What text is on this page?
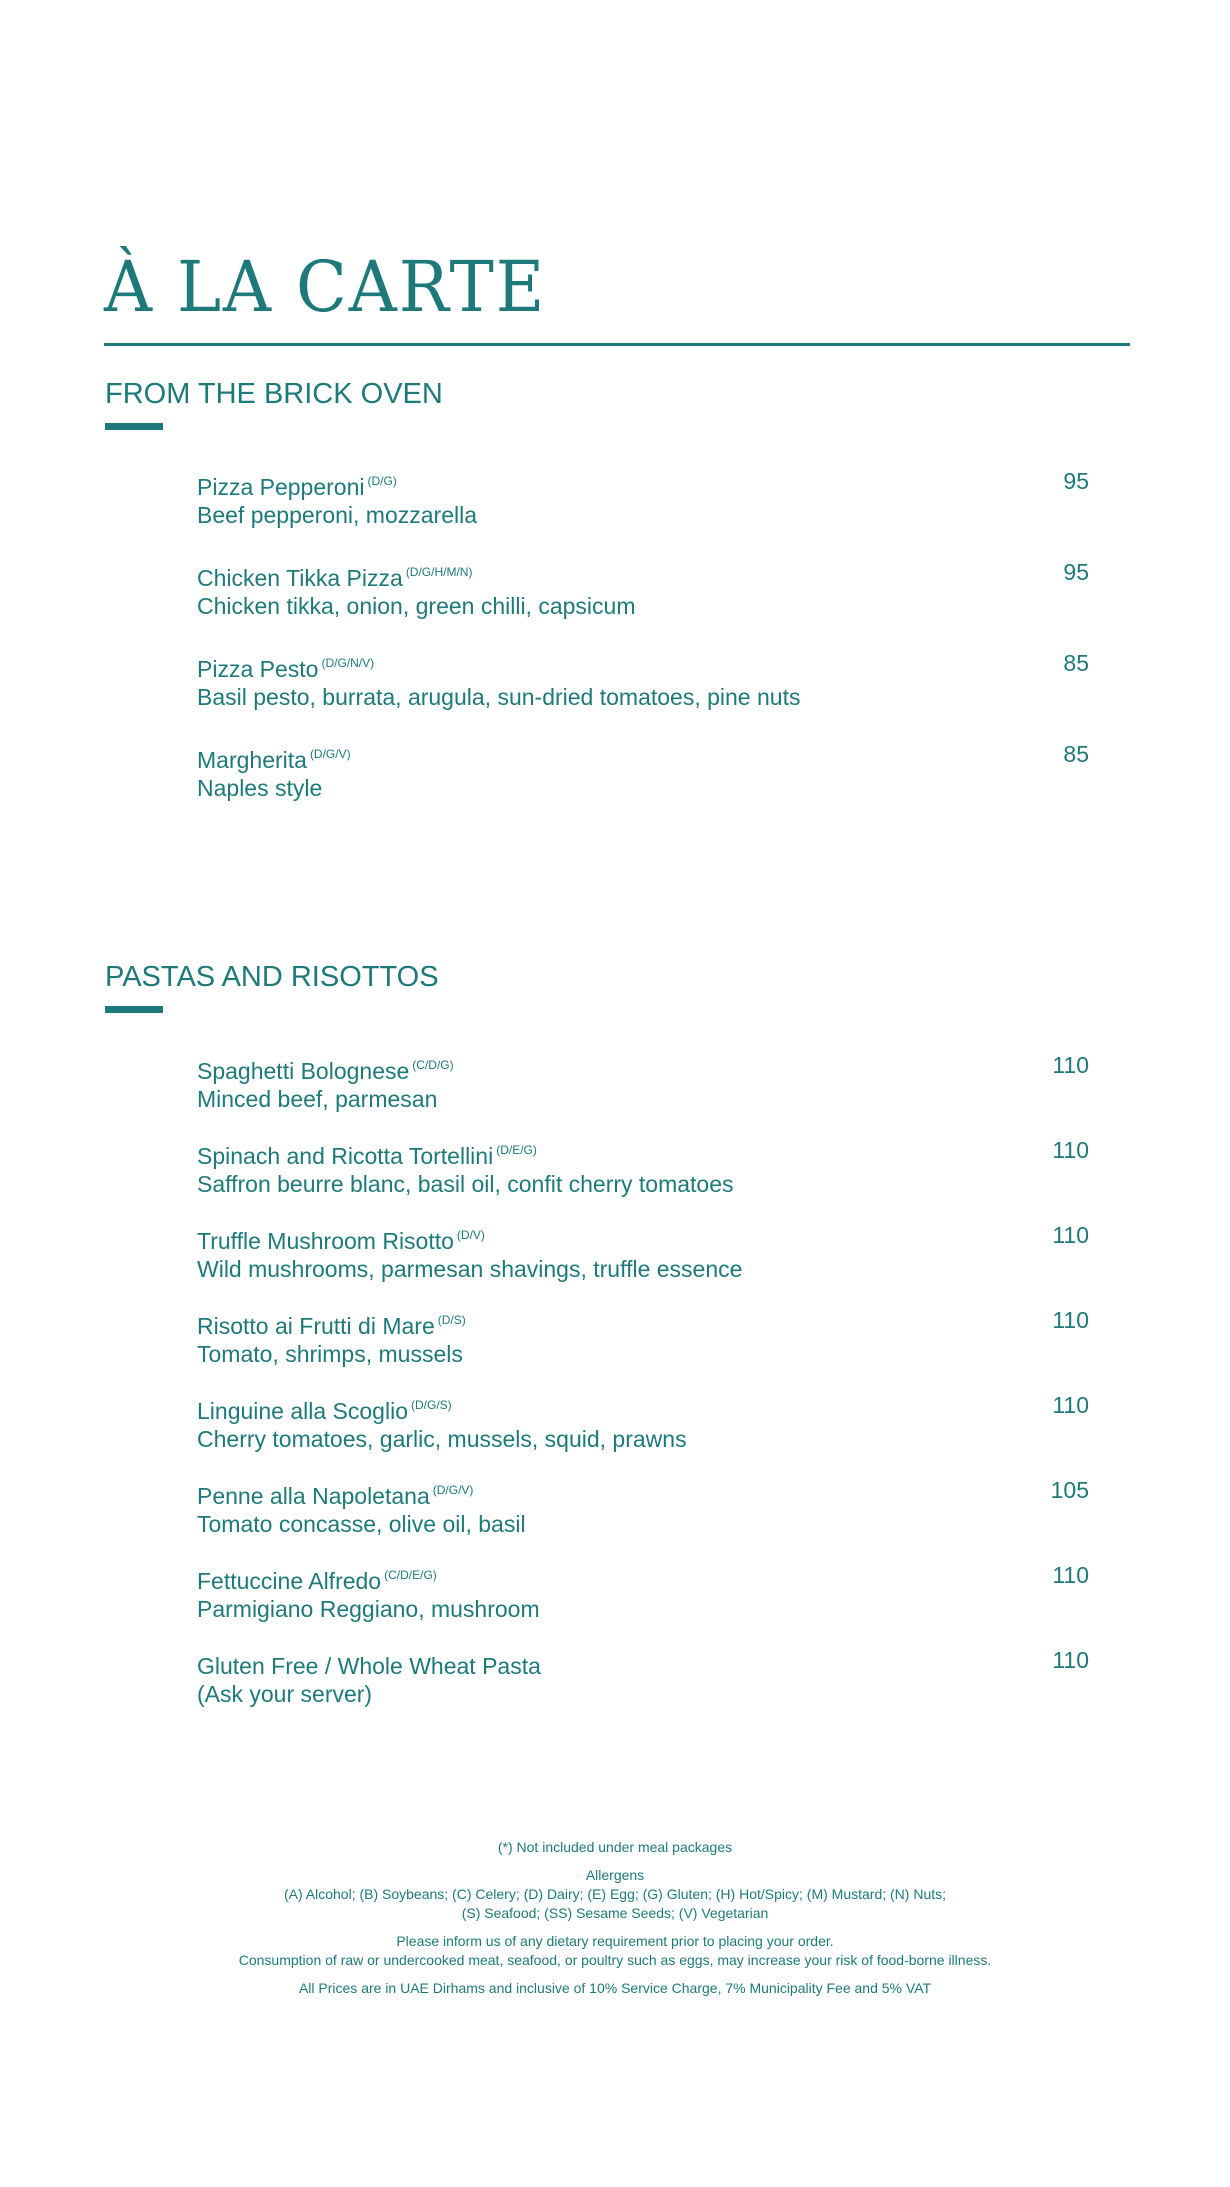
À LA CARTE
FROM THE BRICK OVEN
Pizza Pepperoni $^{(D/G)}$
Beef pepperoni, mozzarella
95
Chicken Tikka Pizza $^{(D/G/H/M/N)}$
Chicken tikka, onion, green chilli, capsicum
95
Pizza Pesto $^{(D/G/N/V)}$
Basil pesto, burrata, arugula, sun-dried tomatoes, pine nuts
85
Margherita $^{(D/G/V)}$
Naples style
85
PASTAS AND RISOTTOS
Spaghetti Bolognese $^{(C/D/G)}$
Minced beef, parmesan
110
Spinach and Ricotta Tortellini $^{(D/E/G)}$
Saffron beurre blanc, basil oil, confit cherry tomatoes
110
Truffle Mushroom Risotto $^{(D/V)}$
Wild mushrooms, parmesan shavings, truffle essence
110
Risotto ai Frutti di Mare $^{(D/S)}$
Tomato, shrimps, mussels
110
Linguine alla Scoglio $^{(D/G/S)}$
Cherry tomatoes, garlic, mussels, squid, prawns
110
Penne alla Napoletana $^{(D/G/V)}$
Tomato concasse, olive oil, basil
105
Fettuccine Alfredo $^{(C/D/E/G)}$
Parmigiano Reggiano, mushroom
110
Gluten Free / Whole Wheat Pasta
(Ask your server)
110

(*) Not included under meal packages

Allergens

(A) Alcohol; (B) Soybeans; (C) Celery; (D) Dairy; (E) Egg; (G) Gluten; (H) Hot/Spicy; (M) Mustard; (N) Nuts;

(S) Seafood; (SS) Sesame Seeds; (V) Vegetarian

Please inform us of any dietary requirement prior to placing your order.

Consumption of raw or undercooked meat, seafood, or poultry such as eggs, may increase your risk of food-borne illness.

All Prices are in UAE Dirhams and inclusive of 10% Service Charge, 7% Municipality Fee and 5% VAT
